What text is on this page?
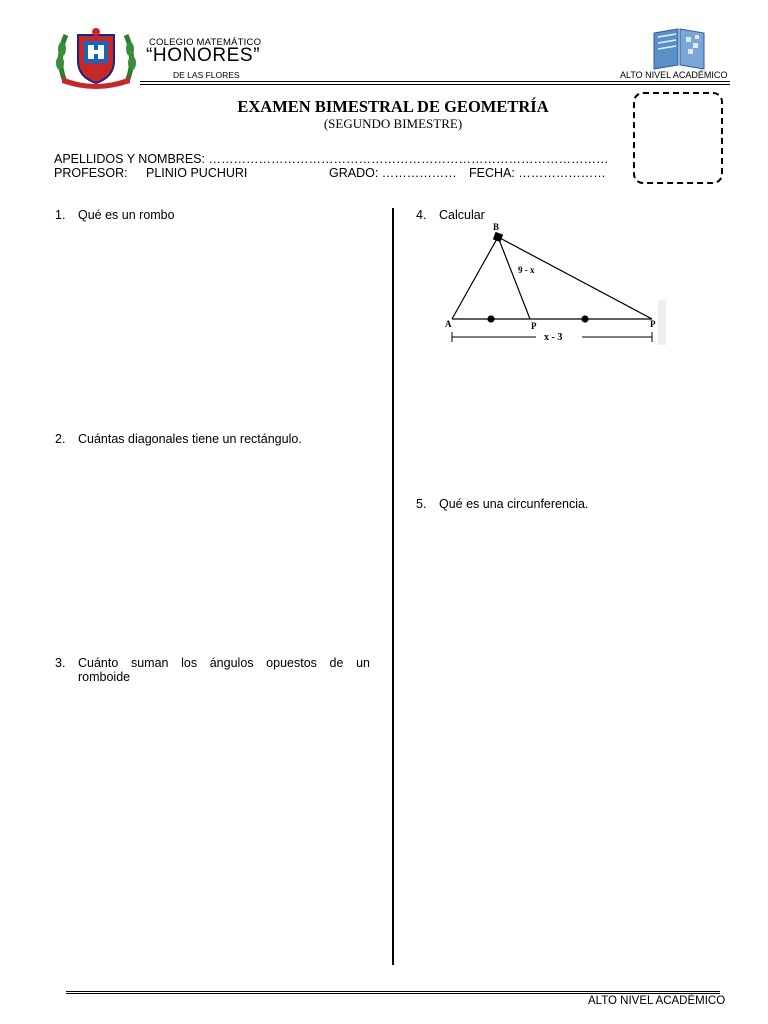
COLEGIO MATEMÁTICO
“HONORES”
DE LAS FLORES	ALTO NIVEL ACADÉMICO
EXAMEN BIMESTRAL DE GEOMETRÍA
(SEGUNDO BIMESTRE)
APELLIDOS Y NOMBRES: ……………………………………………………………………………………
PROFESOR: PLINIO PUCHURI	GRADO: ……………… FECHA: …………………
1. Qué es un rombo
2. Cuántas diagonales tiene un rectángulo.
3. Cuánto suman los ángulos opuestos de un
romboide
4. Calcular
B
A	P	P
9 - x
x - 3
5. Qué es una circunferencia.
ALTO NIVEL ACADÉMICO
